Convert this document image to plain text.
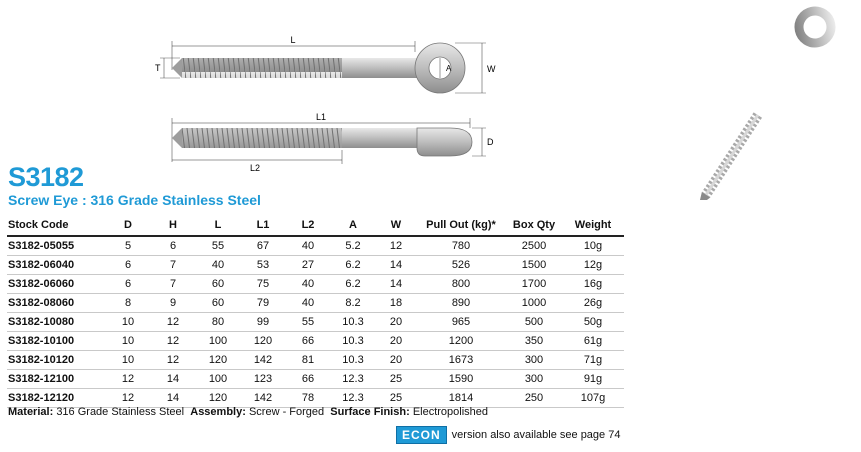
L
A
T	W
L1
L2
D
S3182
Screw Eye : 316 Grade Stainless Steel
Stock Code	D	H	L	L1	L2	A	W	Pull Out (kg)*	Box Qty	Weight
S3182-05055	5	6	55	67	40	5.2	12	780	2500	10g
S3182-06040	6	7	40	53	27	6.2	14	526	1500	12g
S3182-06060	6	7	60	75	40	6.2	14	800	1700	16g
S3182-08060	8	9	60	79	40	8.2	18	890	1000	26g
S3182-10080	10	12	80	99	55	10.3	20	965	500	50g
S3182-10100	10	12	100	120	66	10.3	20	1200	350	61g
S3182-10120	10	12	120	142	81	10.3	20	1673	300	71g
S3182-12100	12	14	100	123	66	12.3	25	1590	300	91g
S3182-12120	12	14	120	142	78	12.3	25	1814	250	107g
Material: 316 Grade Stainless Steel Assembly: Screw - Forged Surface Finish: Electropolished
ECON	version also available see page 74
